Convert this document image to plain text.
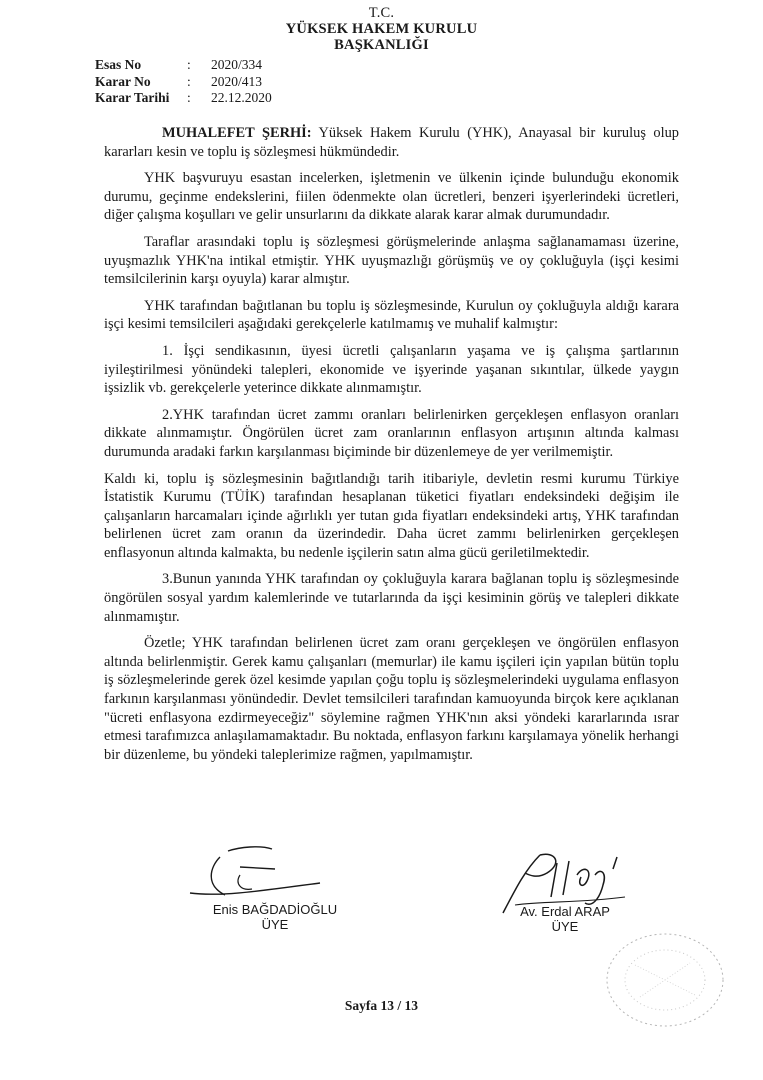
T.C.
YÜKSEK HAKEM KURULU
BAŞKANLIĞI
Esas No	:	2020/334
Karar No	:	2020/413
Karar Tarihi	:	22.12.2020

MUHALEFET ŞERHİ: Yüksek Hakem Kurulu (YHK), Anayasal bir kuruluş olup kararları kesin ve toplu iş sözleşmesi hükmündedir.

YHK başvuruyu esastan incelerken, işletmenin ve ülkenin içinde bulunduğu ekonomik durumu, geçinme endekslerini, fiilen ödenmekte olan ücretleri, benzeri işyerlerindeki ücretleri, diğer çalışma koşulları ve gelir unsurlarını da dikkate alarak karar almak durumundadır.

Taraflar arasındaki toplu iş sözleşmesi görüşmelerinde anlaşma sağlanamaması üzerine, uyuşmazlık YHK'na intikal etmiştir. YHK uyuşmazlığı görüşmüş ve oy çokluğuyla (işçi kesimi temsilcilerinin karşı oyuyla) karar almıştır.

YHK tarafından bağıtlanan bu toplu iş sözleşmesinde, Kurulun oy çokluğuyla aldığı karara işçi kesimi temsilcileri aşağıdaki gerekçelerle katılmamış ve muhalif kalmıştır:

1. İşçi sendikasının, üyesi ücretli çalışanların yaşama ve iş çalışma şartlarının iyileştirilmesi yönündeki talepleri, ekonomide ve işyerinde yaşanan sıkıntılar, ülkede yaygın işsizlik vb. gerekçelerle yeterince dikkate alınmamıştır.

2.YHK tarafından ücret zammı oranları belirlenirken gerçekleşen enflasyon oranları dikkate alınmamıştır. Öngörülen ücret zam oranlarının enflasyon artışının altında kalması durumunda aradaki farkın karşılanması biçiminde bir düzenlemeye de yer verilmemiştir.

Kaldı ki, toplu iş sözleşmesinin bağıtlandığı tarih itibariyle, devletin resmi kurumu Türkiye İstatistik Kurumu (TÜİK) tarafından hesaplanan tüketici fiyatları endeksindeki değişim ile çalışanların harcamaları içinde ağırlıklı yer tutan gıda fiyatları endeksindeki artış, YHK tarafından belirlenen ücret zam oranın da üzerindedir. Daha ücret zammı belirlenirken gerçekleşen enflasyonun altında kalmakta, bu nedenle işçilerin satın alma gücü geriletilmektedir.

3.Bunun yanında YHK tarafından oy çokluğuyla karara bağlanan toplu iş sözleşmesinde öngörülen sosyal yardım kalemlerinde ve tutarlarında da işçi kesiminin görüş ve talepleri dikkate alınmamıştır.

Özetle; YHK tarafından belirlenen ücret zam oranı gerçekleşen ve öngörülen enflasyon altında belirlenmiştir. Gerek kamu çalışanları (memurlar) ile kamu işçileri için yapılan bütün toplu iş sözleşmelerinde gerek özel kesimde yapılan çoğu toplu iş sözleşmelerindeki uygulama enflasyon farkının karşılanması yönündedir. Devlet temsilcileri tarafından kamuoyunda birçok kere açıklanan "ücreti enflasyona ezdirmeyeceğiz" söylemine rağmen YHK'nın aksi yöndeki kararlarında ısrar etmesi tarafımızca anlaşılamamaktadır. Bu noktada, enflasyon farkını karşılamaya yönelik herhangi bir düzenleme, bu yöndeki taleplerimize rağmen, yapılmamıştır.

Enis BAĞDADİOĞLU
ÜYE
Av. Erdal ARAP
ÜYE
Sayfa 13 / 13
